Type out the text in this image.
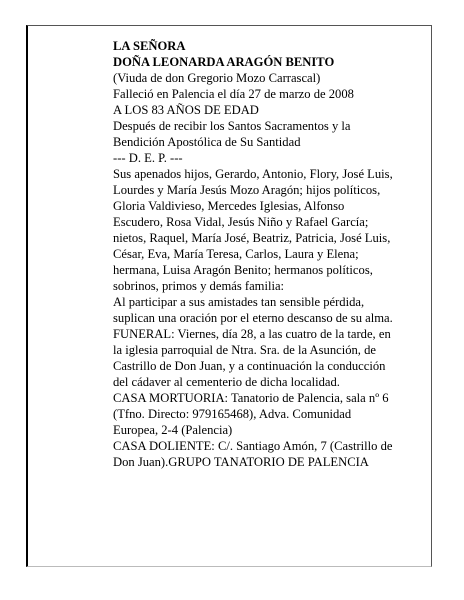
LA SEÑORA
DOÑA LEONARDA ARAGÓN BENITO
(Viuda de don Gregorio Mozo Carrascal)
Falleció en Palencia el día 27 de marzo de 2008
A LOS 83 AÑOS DE EDAD
Después de recibir los Santos Sacramentos y la
Bendición Apostólica de Su Santidad
--- D. E. P. ---
Sus apenados hijos, Gerardo, Antonio, Flory, José Luis,
Lourdes y María Jesús Mozo Aragón; hijos políticos,
Gloria Valdivieso, Mercedes Iglesias, Alfonso
Escudero, Rosa Vidal, Jesús Niño y Rafael García;
nietos, Raquel, María José, Beatriz, Patricia, José Luis,
César, Eva, María Teresa, Carlos, Laura y Elena;
hermana, Luisa Aragón Benito; hermanos políticos,
sobrinos, primos y demás familia:
Al participar a sus amistades tan sensible pérdida,
suplican una oración por el eterno descanso de su alma.
FUNERAL: Viernes, día 28, a las cuatro de la tarde, en
la iglesia parroquial de Ntra. Sra. de la Asunción, de
Castrillo de Don Juan, y a continuación la conducción
del cádaver al cementerio de dicha localidad.
CASA MORTUORIA: Tanatorio de Palencia, sala nº 6
(Tfno. Directo: 979165468), Adva. Comunidad
Europea, 2-4 (Palencia)
CASA DOLIENTE: C/. Santiago Amón, 7 (Castrillo de
Don Juan).GRUPO TANATORIO DE PALENCIA
